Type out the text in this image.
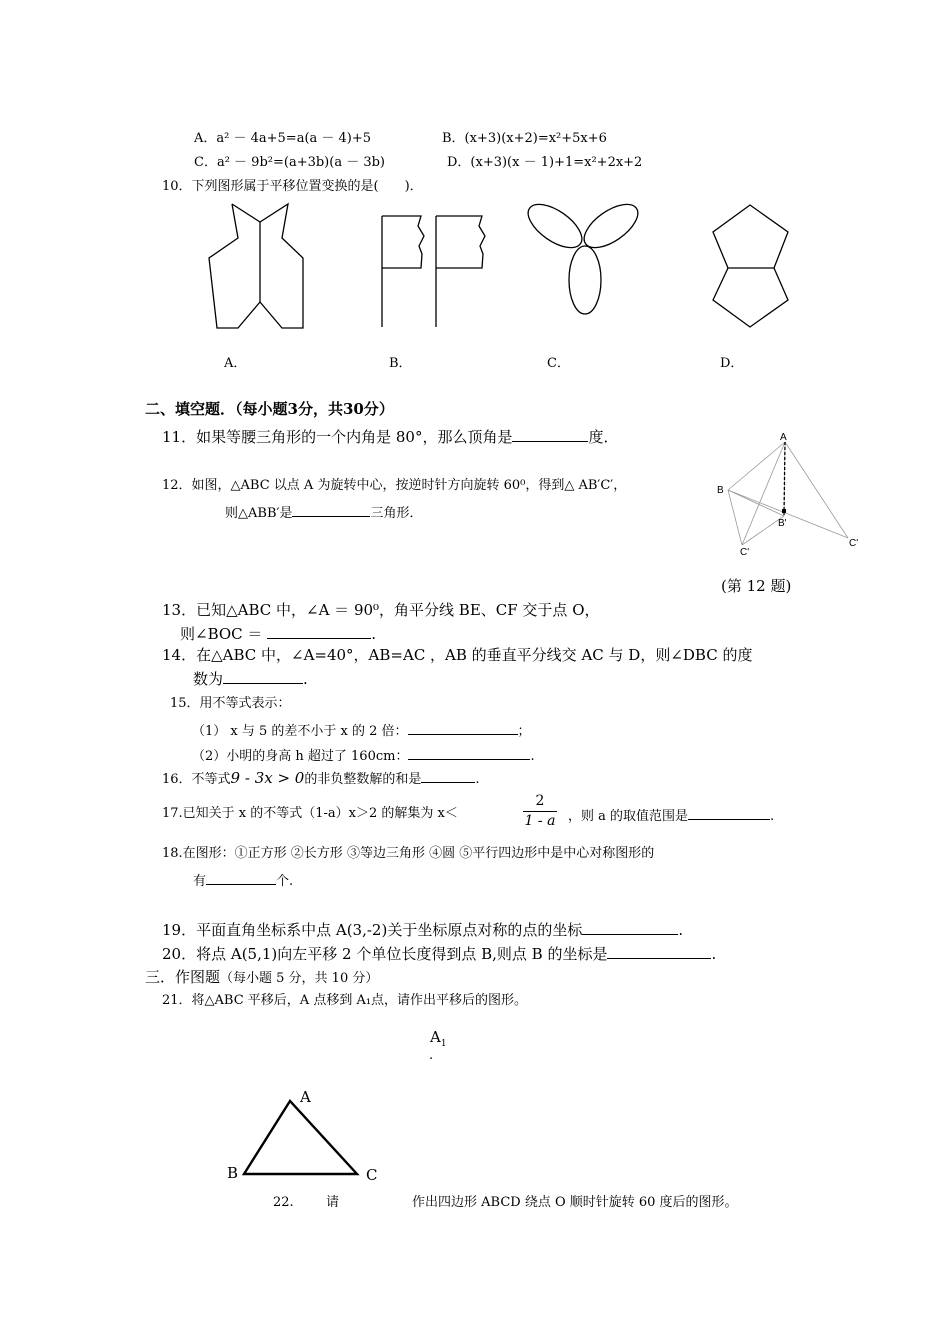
A．a² － 4a+5=a(a － 4)+5	B．(x+3)(x+2)=x²+5x+6
C．a² － 9b²=(a+3b)(a － 3b)	D．(x+3)(x － 1)+1=x²+2x+2
10．下列图形属于平移位置变换的是(　　)．
A．	B．	C．	D．
二、填空题．（每小题3分，共30分）
11．如果等腰三角形的一个内角是 80°，那么顶角是	度．
12．如图，△ABC 以点 A 为旋转中心，按逆时针方向旋转 60⁰，得到△ AB′C′，
则△ABB′是	三角形．
A
B
B'
C'
C'
(第 12 题)
13．已知△ABC 中，∠A ＝ 90⁰，角平分线 BE、CF 交于点 O，
则∠BOC ＝	.
14．在△ABC 中，∠A=40°，AB=AC ，AB 的垂直平分线交 AC 与 D，则∠DBC 的度
数为	.
15．用不等式表示：
（1） x 与 5 的差不小于 x 的 2 倍：	；
（2）小明的身高 h 超过了 160cm：	.
16．不等式9 - 3x > 0的非负整数解的和是	.
17.已知关于 x 的不等式（1-a）x＞2 的解集为 x＜
2
1 - a ，则 a 的取值范围是	.
18.在图形：①正方形 ②长方形 ③等边三角形 ④圆 ⑤平行四边形中是中心对称图形的
有	个.
19．平面直角坐标系中点 A(3,-2)关于坐标原点对称的点的坐标	.
20．将点 A(5,1)向左平移 2 个单位长度得到点 B,则点 B 的坐标是	.
三．作图题（每小题 5 分，共 10 分）
21．将△ABC 平移后，A 点移到 A₁点，请作出平移后的图形。
$A_1$
.
A
B	C
22. 请	作出四边形 ABCD 绕点 O 顺时针旋转 60 度后的图形。
